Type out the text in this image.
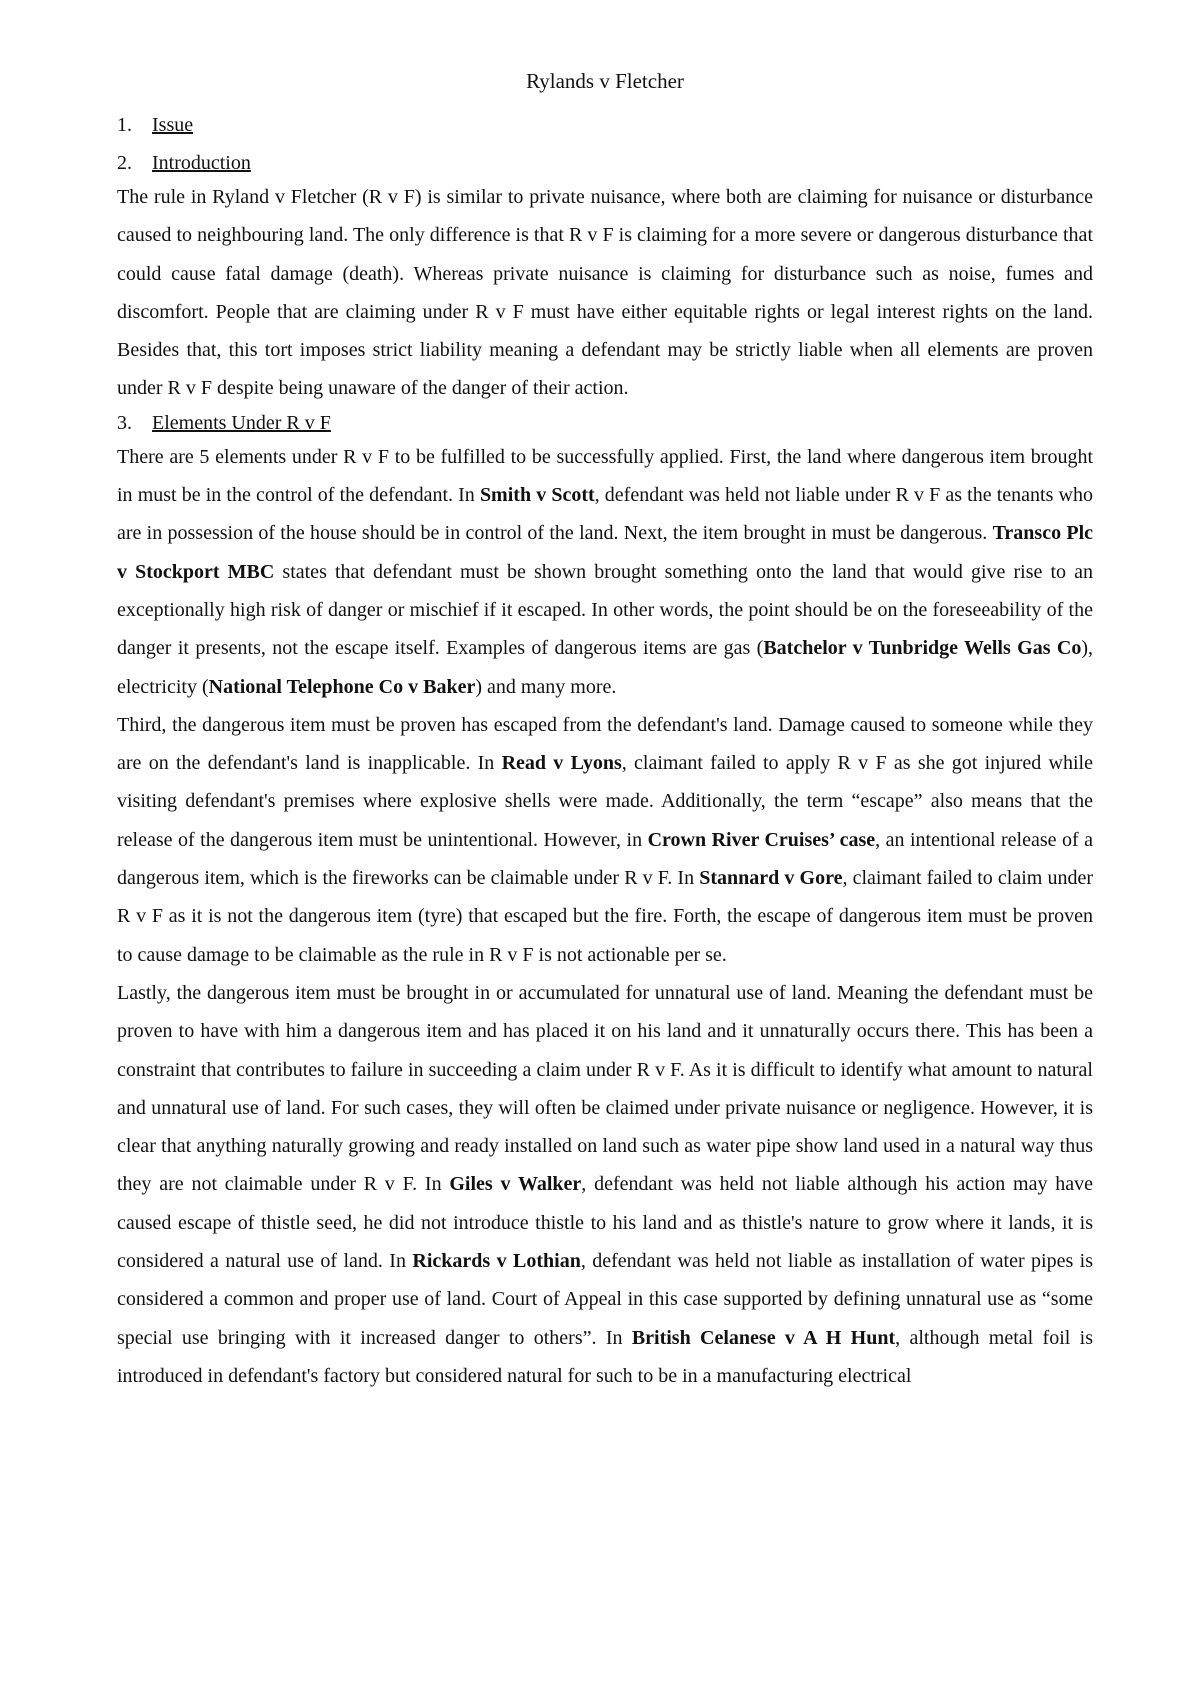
Rylands v Fletcher
1.	Issue
2.	Introduction

The rule in Ryland v Fletcher (R v F) is similar to private nuisance, where both are claiming for nuisance or disturbance caused to neighbouring land. The only difference is that R v F is claiming for a more severe or dangerous disturbance that could cause fatal damage (death). Whereas private nuisance is claiming for disturbance such as noise, fumes and discomfort. People that are claiming under R v F must have either equitable rights or legal interest rights on the land. Besides that, this tort imposes strict liability meaning a defendant may be strictly liable when all elements are proven under R v F despite being unaware of the danger of their action.

3.	Elements Under R v F

There are 5 elements under R v F to be fulfilled to be successfully applied. First, the land where dangerous item brought in must be in the control of the defendant. In Smith v Scott, defendant was held not liable under R v F as the tenants who are in possession of the house should be in control of the land. Next, the item brought in must be dangerous. Transco Plc v Stockport MBC states that defendant must be shown brought something onto the land that would give rise to an exceptionally high risk of danger or mischief if it escaped. In other words, the point should be on the foreseeability of the danger it presents, not the escape itself. Examples of dangerous items are gas (Batchelor v Tunbridge Wells Gas Co), electricity (National Telephone Co v Baker) and many more.

Third, the dangerous item must be proven has escaped from the defendant's land. Damage caused to someone while they are on the defendant's land is inapplicable. In Read v Lyons, claimant failed to apply R v F as she got injured while visiting defendant's premises where explosive shells were made. Additionally, the term “escape” also means that the release of the dangerous item must be unintentional. However, in Crown River Cruises’ case, an intentional release of a dangerous item, which is the fireworks can be claimable under R v F. In Stannard v Gore, claimant failed to claim under R v F as it is not the dangerous item (tyre) that escaped but the fire. Forth, the escape of dangerous item must be proven to cause damage to be claimable as the rule in R v F is not actionable per se.

Lastly, the dangerous item must be brought in or accumulated for unnatural use of land. Meaning the defendant must be proven to have with him a dangerous item and has placed it on his land and it unnaturally occurs there. This has been a constraint that contributes to failure in succeeding a claim under R v F. As it is difficult to identify what amount to natural and unnatural use of land. For such cases, they will often be claimed under private nuisance or negligence. However, it is clear that anything naturally growing and ready installed on land such as water pipe show land used in a natural way thus they are not claimable under R v F. In Giles v Walker, defendant was held not liable although his action may have caused escape of thistle seed, he did not introduce thistle to his land and as thistle's nature to grow where it lands, it is considered a natural use of land. In Rickards v Lothian, defendant was held not liable as installation of water pipes is considered a common and proper use of land. Court of Appeal in this case supported by defining unnatural use as “some special use bringing with it increased danger to others”. In British Celanese v A H Hunt, although metal foil is introduced in defendant's factory but considered natural for such to be in a manufacturing electrical
